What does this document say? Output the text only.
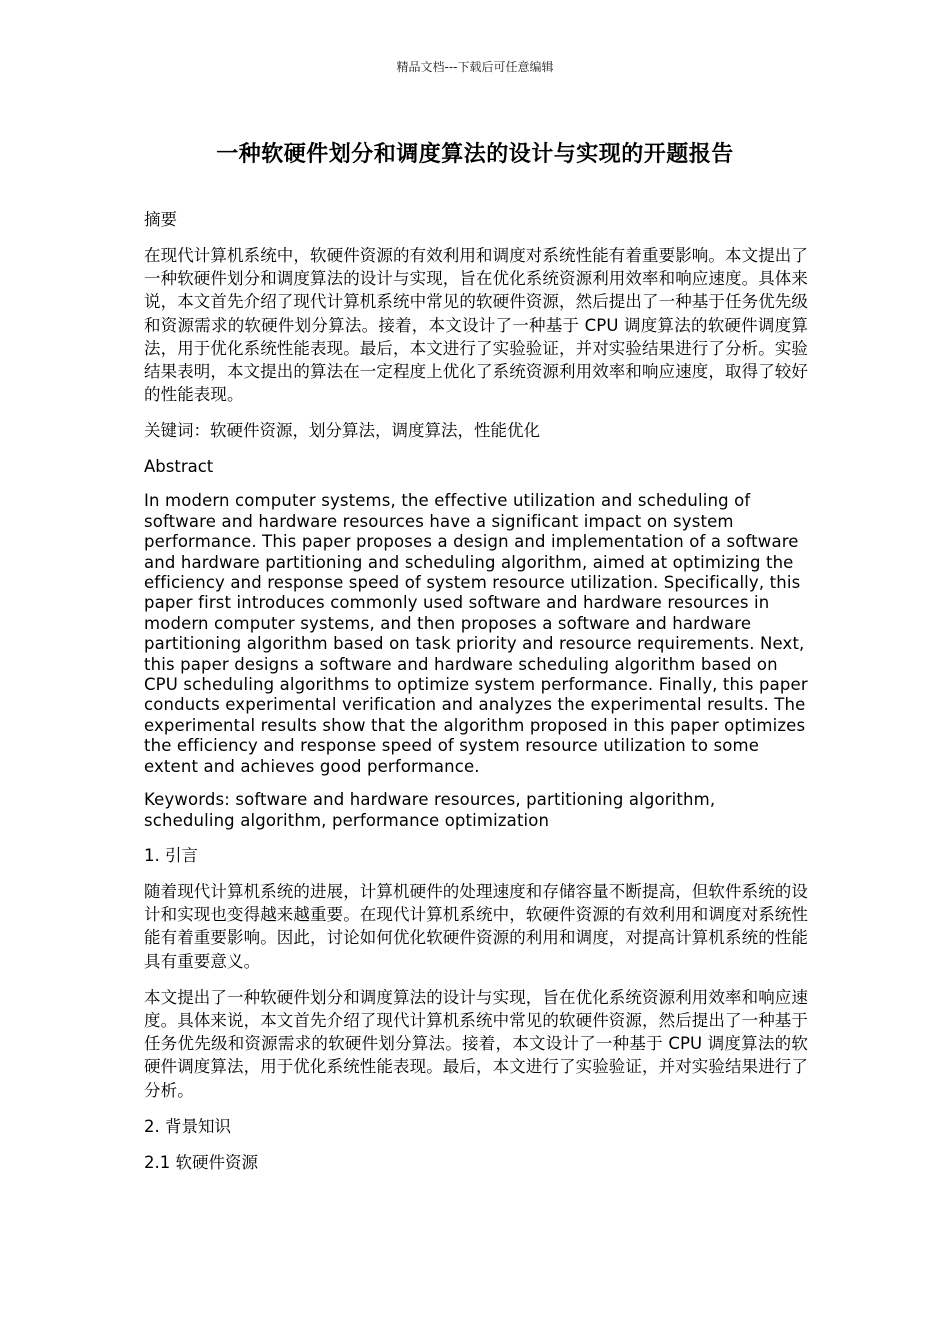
精品文档---下载后可任意编辑
一种软硬件划分和调度算法的设计与实现的开题报告

摘要

在现代计算机系统中，软硬件资源的有效利用和调度对系统性能有着重要影响。本文提出了一种软硬件划分和调度算法的设计与实现，旨在优化系统资源利用效率和响应速度。具体来说，本文首先介绍了现代计算机系统中常见的软硬件资源，然后提出了一种基于任务优先级和资源需求的软硬件划分算法。接着，本文设计了一种基于 CPU 调度算法的软硬件调度算法，用于优化系统性能表现。最后，本文进行了实验验证，并对实验结果进行了分析。实验结果表明，本文提出的算法在一定程度上优化了系统资源利用效率和响应速度，取得了较好的性能表现。

关键词：软硬件资源，划分算法，调度算法，性能优化

Abstract

In modern computer systems, the effective utilization and scheduling of software and hardware resources have a significant impact on system performance. This paper proposes a design and implementation of a software and hardware partitioning and scheduling algorithm, aimed at optimizing the efficiency and response speed of system resource utilization. Specifically, this paper first introduces commonly used software and hardware resources in modern computer systems, and then proposes a software and hardware partitioning algorithm based on task priority and resource requirements. Next, this paper designs a software and hardware scheduling algorithm based on CPU scheduling algorithms to optimize system performance. Finally, this paper conducts experimental verification and analyzes the experimental results. The experimental results show that the algorithm proposed in this paper optimizes the efficiency and response speed of system resource utilization to some extent and achieves good performance.

Keywords: software and hardware resources, partitioning algorithm, scheduling algorithm, performance optimization

1. 引言

随着现代计算机系统的进展，计算机硬件的处理速度和存储容量不断提高，但软件系统的设计和实现也变得越来越重要。在现代计算机系统中，软硬件资源的有效利用和调度对系统性能有着重要影响。因此，讨论如何优化软硬件资源的利用和调度，对提高计算机系统的性能具有重要意义。

本文提出了一种软硬件划分和调度算法的设计与实现，旨在优化系统资源利用效率和响应速度。具体来说，本文首先介绍了现代计算机系统中常见的软硬件资源，然后提出了一种基于任务优先级和资源需求的软硬件划分算法。接着，本文设计了一种基于 CPU 调度算法的软硬件调度算法，用于优化系统性能表现。最后，本文进行了实验验证，并对实验结果进行了分析。

2. 背景知识

2.1 软硬件资源
